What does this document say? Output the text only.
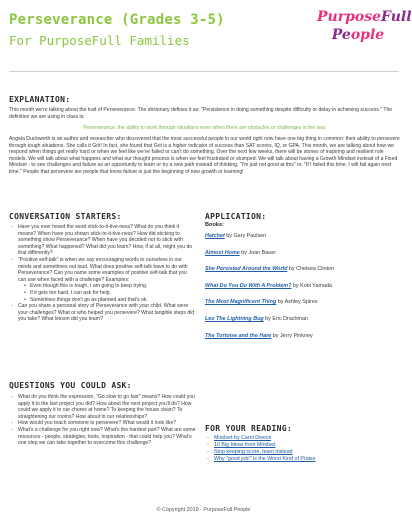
Perseverance (Grades 3-5)
For PurposeFull Families
PurposeFull
People
EXPLANATION:

This month we're talking about the trait of Perseverance. The dictionary defines it as: "Persistence in doing something despite difficulty or delay in achieving success." The definition we are using in class is:

Perseverance: the ability to work through situations even when there are obstacles or challenges in the way.

Angela Duckworth is an author and researcher who discovered that the most successful people in our world right now have one big thing in common: their ability to persevere through tough situations. She calls it Grit! In fact, she found that Grit is a higher indicator of success than SAT scores, IQ, or GPA. This month, we are talking about how we respond when things get really hard or when we feel like we've failed or can't do something. Over the next few weeks, there will be stories of inspiring and resilient role models. We will talk about what happens and what our thought process is when we feel frustrated or stumped. We will talk about having a Growth Mindset instead of a Fixed Mindset - to see challenges and failure as an opportunity to learn or try a new path instead of thinking, "I'm just not good at this" or, "If I failed this time, I will fail again next time." People that persevere are people that know failure is just the beginning of new growth or learning!

CONVERSATION STARTERS:
- Have you ever heard the word stick-to-it-tive-ness? What do you think it means? When have you shown stick-to-it-tive-ness? How did sticking to something show Perseverance? When have you decided not to stick with something? What happened? What did you learn? How, if at all, might you do that differently?
- "Positive self-talk" is when we say encouraging words to ourselves in our minds and sometimes out loud. What does positive self-talk have to do with Perseverance? Can you name some examples of positive self-talk that you can use when faced with a challenge? Examples:
• Even though this is tough, I am going to keep trying.
• If it gets too hard, I can ask for help.
• Sometimes things don't go as planned and that's ok.
- Can you share a personal story of Perseverance with your child. What were your challenges? What or who helped you persevere? What tangible steps did you take? What lesson did you learn?
QUESTIONS YOU COULD ASK:
- What do you think the expression, "Go slow to go fast" means? How could you apply it to the last project you did? How about the next project you'll do? How could we apply it to our chores at home? To keeping the house clean? To straightening our rooms? How about in our relationships?
- How would you teach someone to persevere? What would it look like?
- What's a challenge for you right now? What's the hardest part? What are some resources - people, strategies, tools, inspiration - that could help you? What's one step we can take together to overcome this challenge?
APPLICATION:
Books:
Hatchet by Gary Paulsen
Almost Home by Joan Bauer
She Persisted Around the World by Chelsea Clinton
What Do You Do With A Problem? by Kobi Yamada
The Most Magnificent Thing by Ashley Spires
Leo The Lightning Bug by Eric Drachman
The Tortoise and the Hare by Jerry Pinkney
FOR YOUR READING:
- Mindset by Carol Dweck
- 10 Big Ideas from Mindset
- Stop keeping score, learn instead
- Why "good job!" is the Worst Kind of Praise
© Copyright 2019 - PurposeFull People
